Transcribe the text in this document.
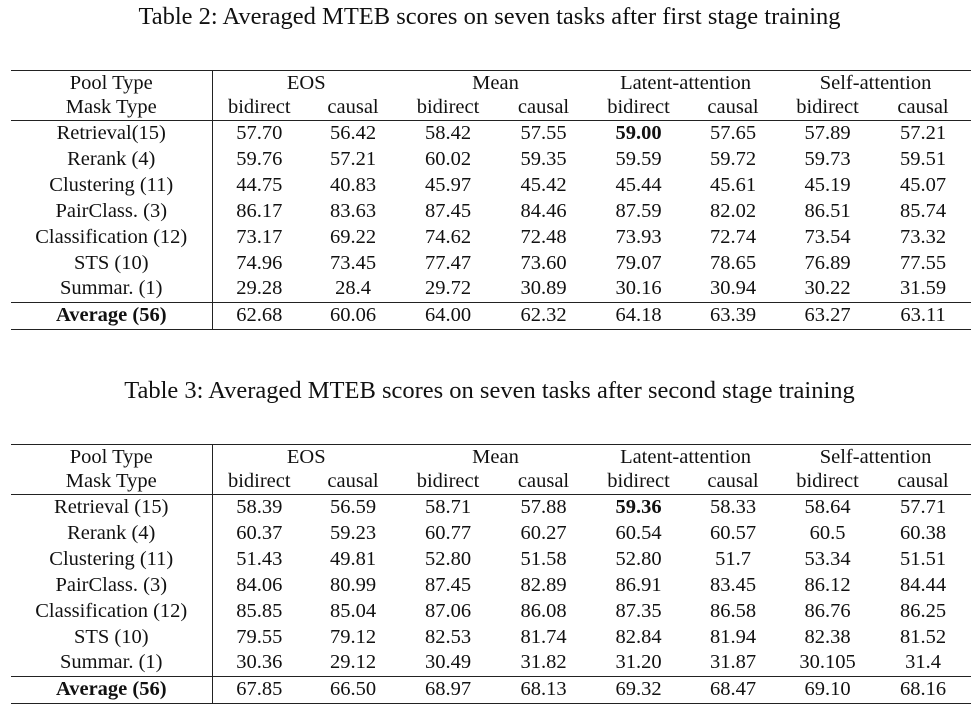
Table 2: Averaged MTEB scores on seven tasks after first stage training
Pool Type	EOS		Mean		Latent-attention		Self-attention	
Mask Type	bidirect	causal	bidirect	causal	bidirect	causal	bidirect	causal
Retrieval(15)	57.70	56.42	58.42	57.55	59.00	57.65	57.89	57.21
Rerank (4)	59.76	57.21	60.02	59.35	59.59	59.72	59.73	59.51
Clustering (11)	44.75	40.83	45.97	45.42	45.44	45.61	45.19	45.07
PairClass. (3)	86.17	83.63	87.45	84.46	87.59	82.02	86.51	85.74
Classification (12)	73.17	69.22	74.62	72.48	73.93	72.74	73.54	73.32
STS (10)	74.96	73.45	77.47	73.60	79.07	78.65	76.89	77.55
Summar. (1)	29.28	28.4	29.72	30.89	30.16	30.94	30.22	31.59
Average (56)	62.68	60.06	64.00	62.32	64.18	63.39	63.27	63.11
Table 3: Averaged MTEB scores on seven tasks after second stage training
Pool Type	EOS		Mean		Latent-attention		Self-attention	
Mask Type	bidirect	causal	bidirect	causal	bidirect	causal	bidirect	causal
Retrieval (15)	58.39	56.59	58.71	57.88	59.36	58.33	58.64	57.71
Rerank (4)	60.37	59.23	60.77	60.27	60.54	60.57	60.5	60.38
Clustering (11)	51.43	49.81	52.80	51.58	52.80	51.7	53.34	51.51
PairClass. (3)	84.06	80.99	87.45	82.89	86.91	83.45	86.12	84.44
Classification (12)	85.85	85.04	87.06	86.08	87.35	86.58	86.76	86.25
STS (10)	79.55	79.12	82.53	81.74	82.84	81.94	82.38	81.52
Summar. (1)	30.36	29.12	30.49	31.82	31.20	31.87	30.105	31.4
Average (56)	67.85	66.50	68.97	68.13	69.32	68.47	69.10	68.16
